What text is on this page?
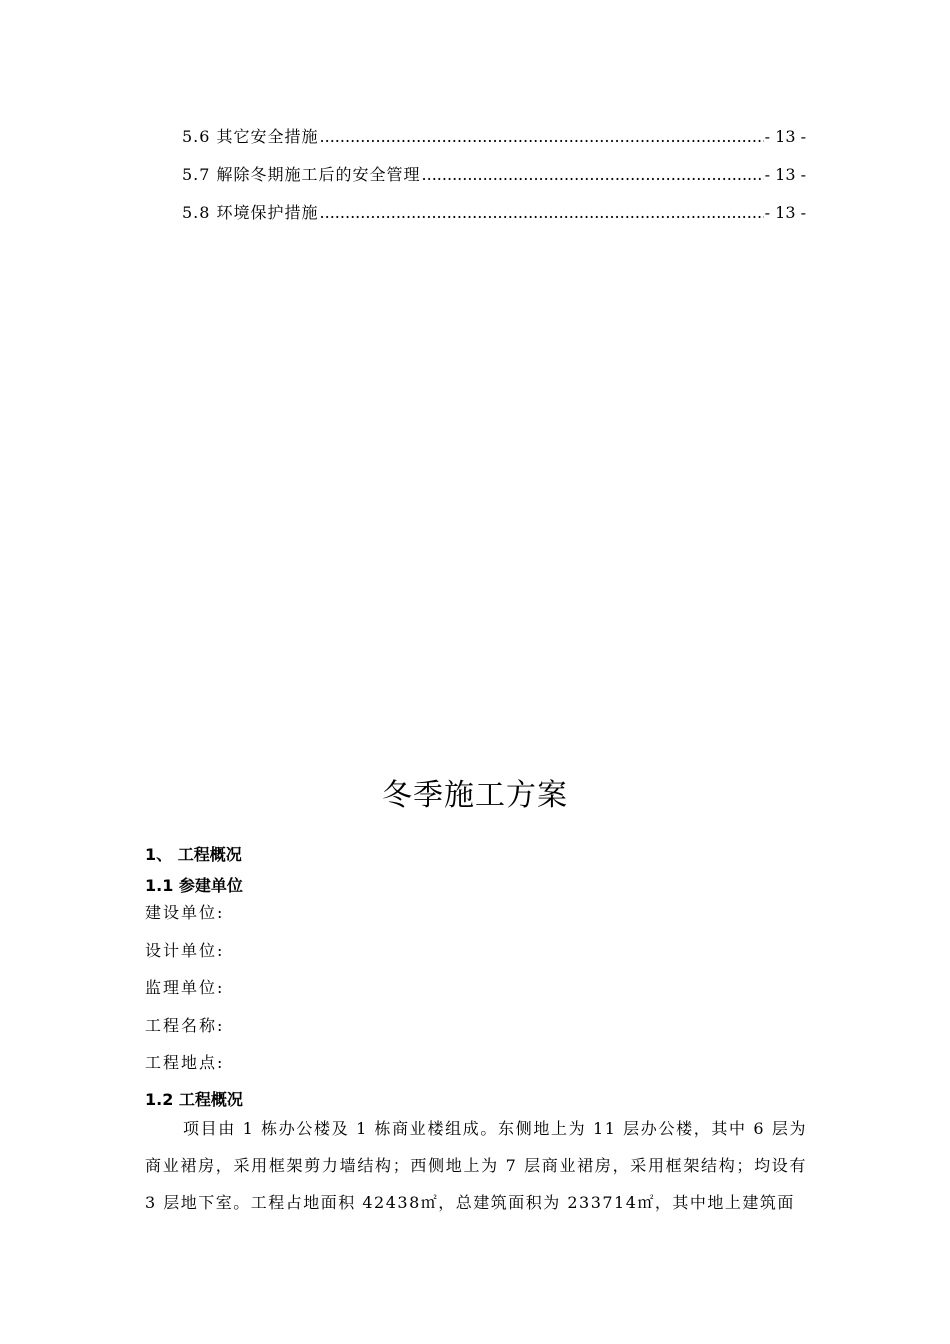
5.6 其它安全措施 .....	- 13 -
5.7 解除冬期施工后的安全管理 .....	- 13 -
5.8 环境保护措施 .....	- 13 -
冬季施工方案
1、 工程概况
1.1 参建单位
建设单位:
设计单位:
监理单位:
工程名称:
工程地点:
1.2 工程概况
项目由 1 栋办公楼及 1 栋商业楼组成。东侧地上为 11 层办公楼，其中 6 层为商业裙房，采用框架剪力墙结构；西侧地上为 7 层商业裙房，采用框架结构；均设有 3 层地下室。工程占地面积 42438㎡，总建筑面积为 233714㎡，其中地上建筑面
